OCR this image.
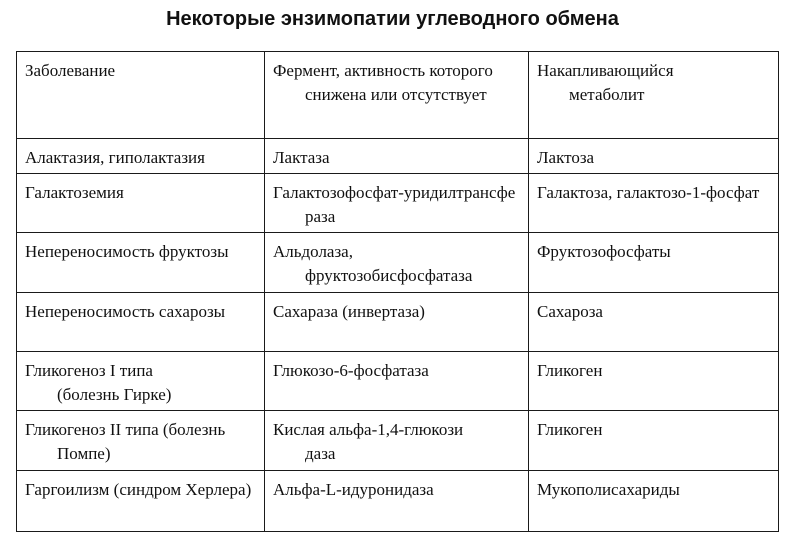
Некоторые энзимопатии углеводного обмена
Заболевание	Фермент, активность которого снижена или отсутствует	Накапливающийся метаболит

Алактазия, гиполактазия	Лактаза	Лактоза

Галактоземия	Галактозофосфат-уридилтрансфераза	Галактоза, галактозо-1-фосфат

Непереносимость фруктозы	Альдолаза, фруктозобисфосфатаза	Фруктозофосфаты

Непереносимость сахарозы	Сахараза (инвертаза)	Сахароза

Гликогеноз I типа (болезнь Гирке)	Глюкозо-6-фосфатаза	Гликоген

Гликогеноз II типа (болезнь Помпе)	Кислая альфа-1,4-глюкозидаза	Гликоген

Гаргоилизм (синдром Херлера)	Альфа-L-идуронидаза	Мукополисахариды
